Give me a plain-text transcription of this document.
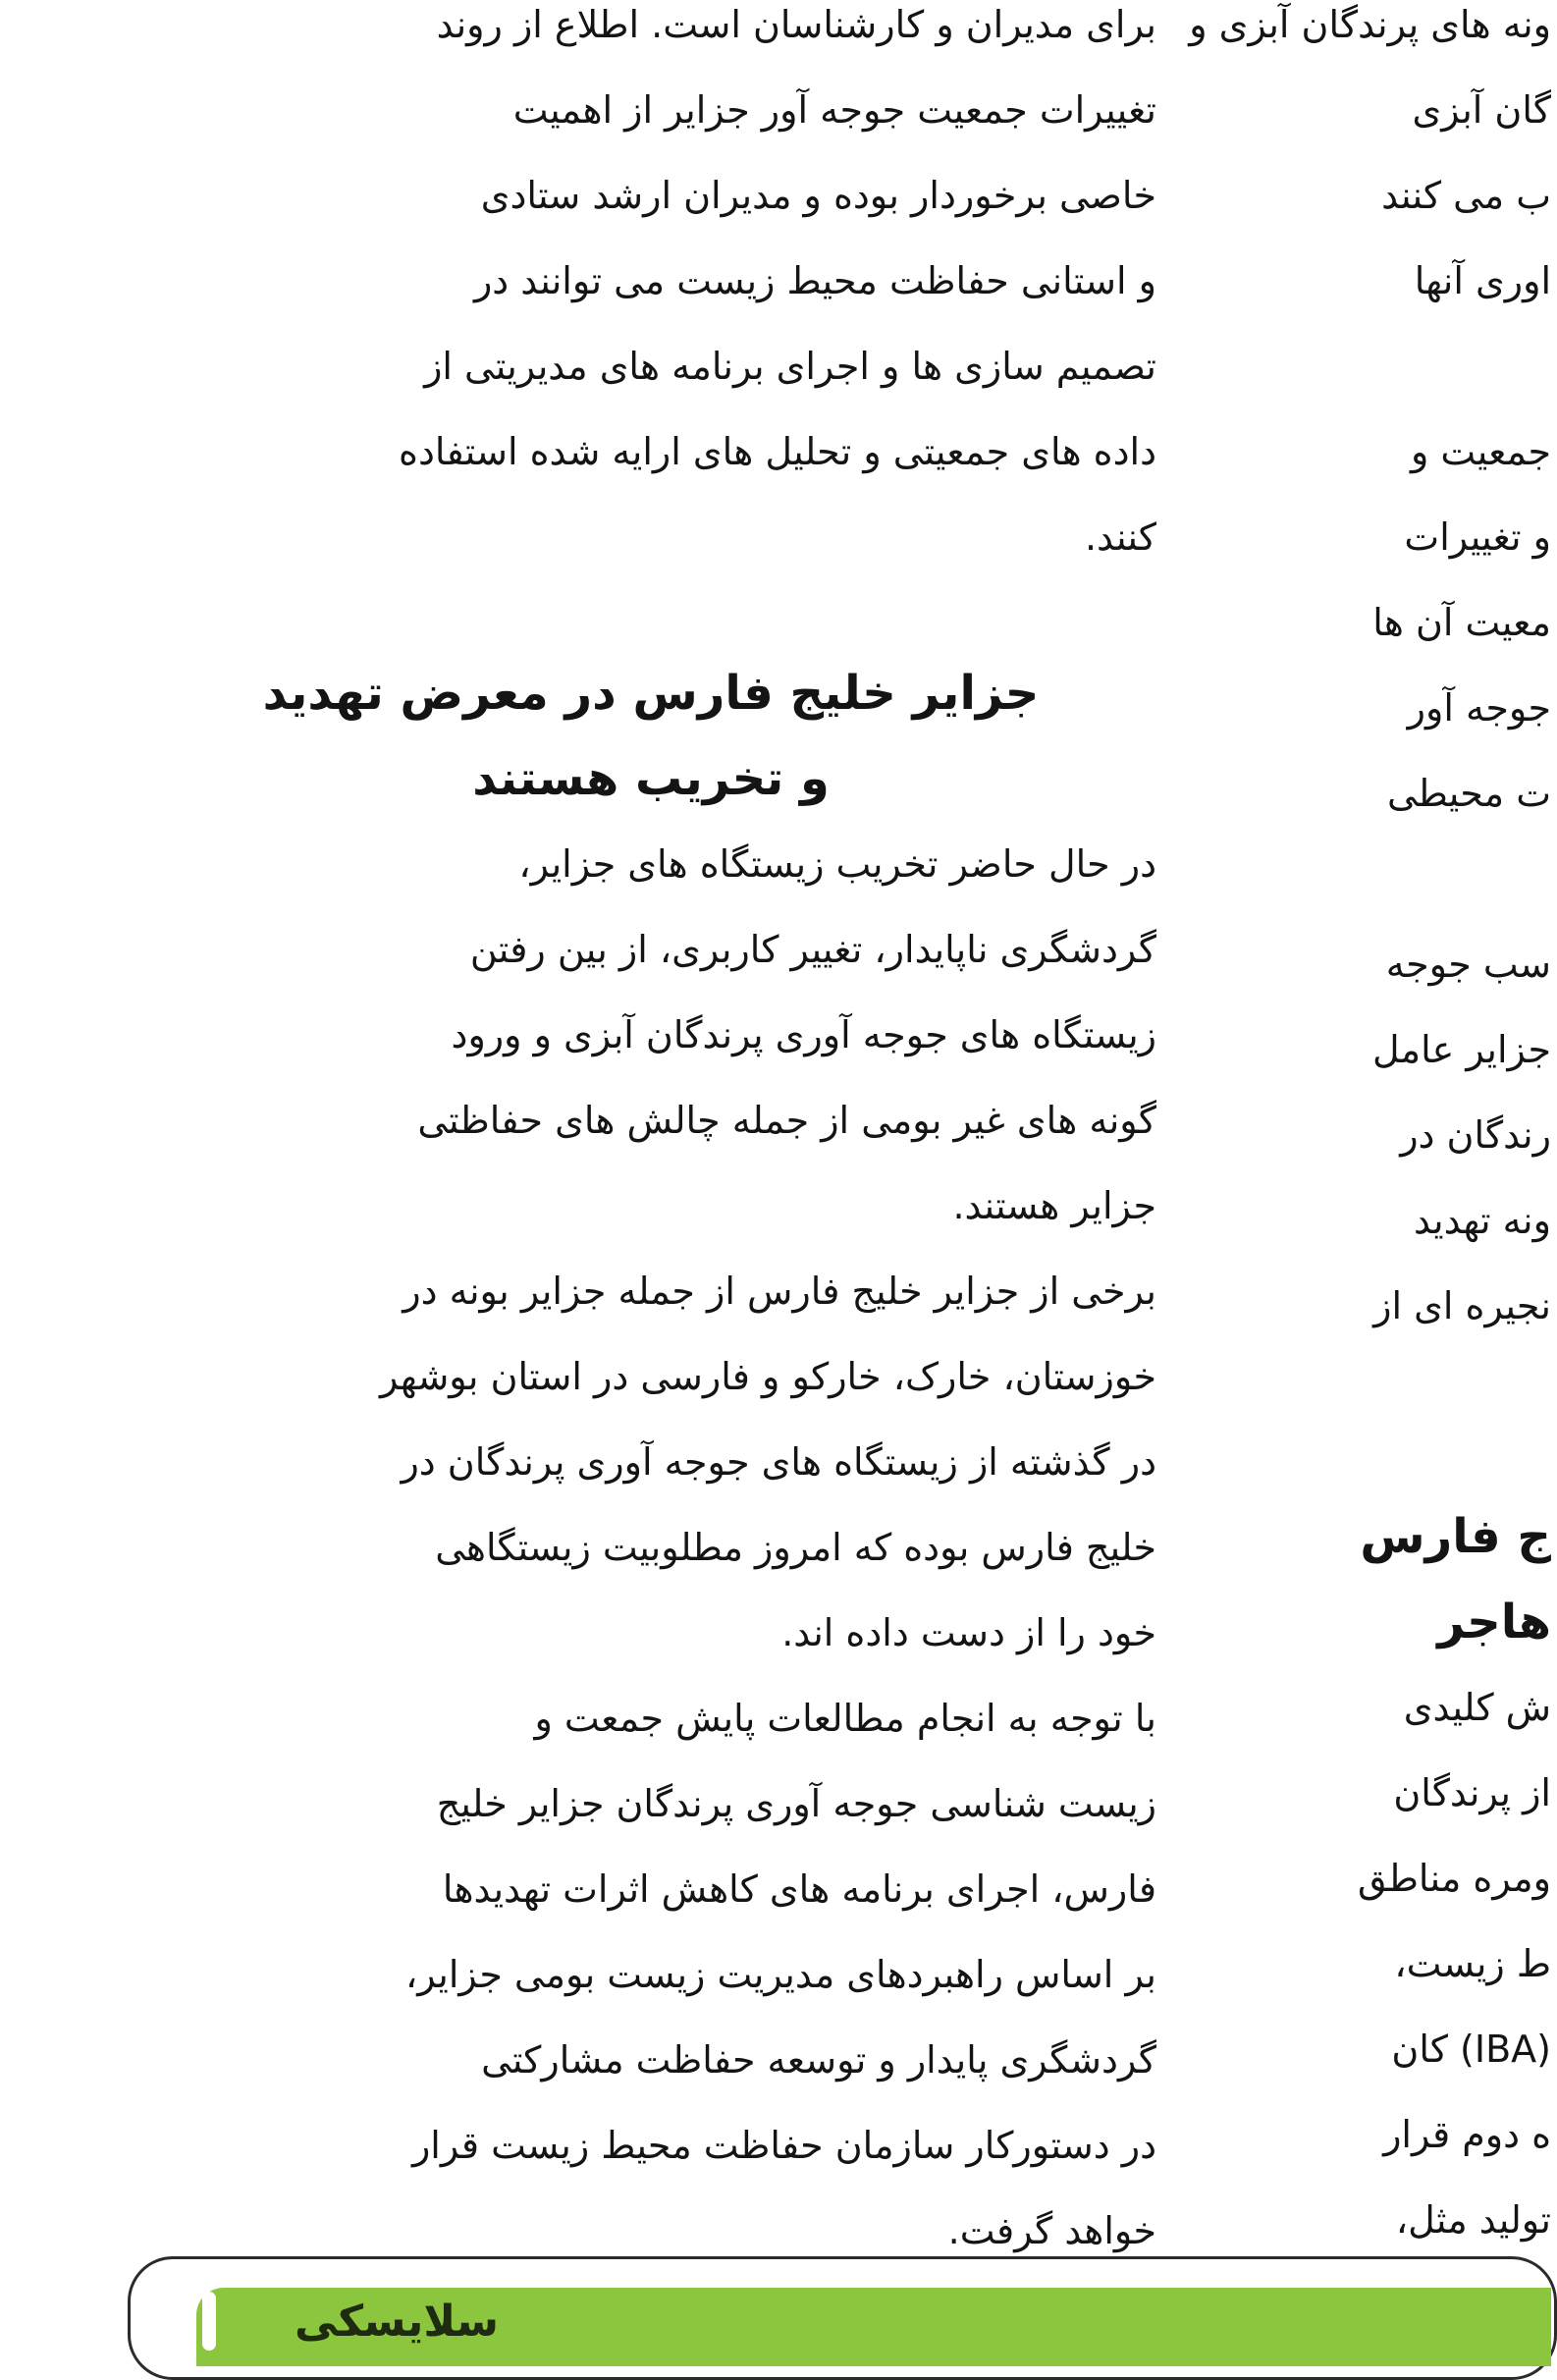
برای مدیران و کارشناسان است. اطلاع از روند
تغییرات جمعیت جوجه آور جزایر از اهمیت
خاصی برخوردار بوده و مدیران ارشد ستادی
و استانی حفاظت محیط زیست می توانند در
تصمیم سازی ها و اجرای برنامه های مدیریتی از
داده های جمعیتی و تحلیل های ارایه شده استفاده
کنند.
جزایر خلیج فارس در معرض تهدید
و تخریب هستند
در حال حاضر تخریب زیستگاه های جزایر،
گردشگری ناپایدار، تغییر کاربری، از بین رفتن
زیستگاه های جوجه آوری پرندگان آبزی و ورود
گونه های غیر بومی از جمله چالش های حفاظتی
جزایر هستند.
برخی از جزایر خلیج فارس از جمله جزایر بونه در
خوزستان، خارک، خارکو و فارسی در استان بوشهر
در گذشته از زیستگاه های جوجه آوری پرندگان در
خلیج فارس بوده که امروز مطلوبیت زیستگاهی
خود را از دست داده اند.
با توجه به انجام مطالعات پایش جمعت و
زیست شناسی جوجه آوری پرندگان جزایر خلیج
فارس، اجرای برنامه های کاهش اثرات تهدیدها
بر اساس راهبردهای مدیریت زیست بومی جزایر،
گردشگری پایدار و توسعه حفاظت مشارکتی
در دستورکار سازمان حفاظت محیط زیست قرار
خواهد گرفت.
ونه های پرندگان آبزی و
گان آبزی
ب می کنند
اوری آنها
جمعیت و
و تغییرات
معیت آن ها
جوجه آور
ت محیطی
سب جوجه
جزایر عامل
رندگان در
ونه تهدید
نجیره ای از
ج فارس
هاجر
ش کلیدی
از پرندگان
ومره مناطق
ط زیست،
(IBA) کان
ه دوم قرار
تولید مثل،
سلایسکی
